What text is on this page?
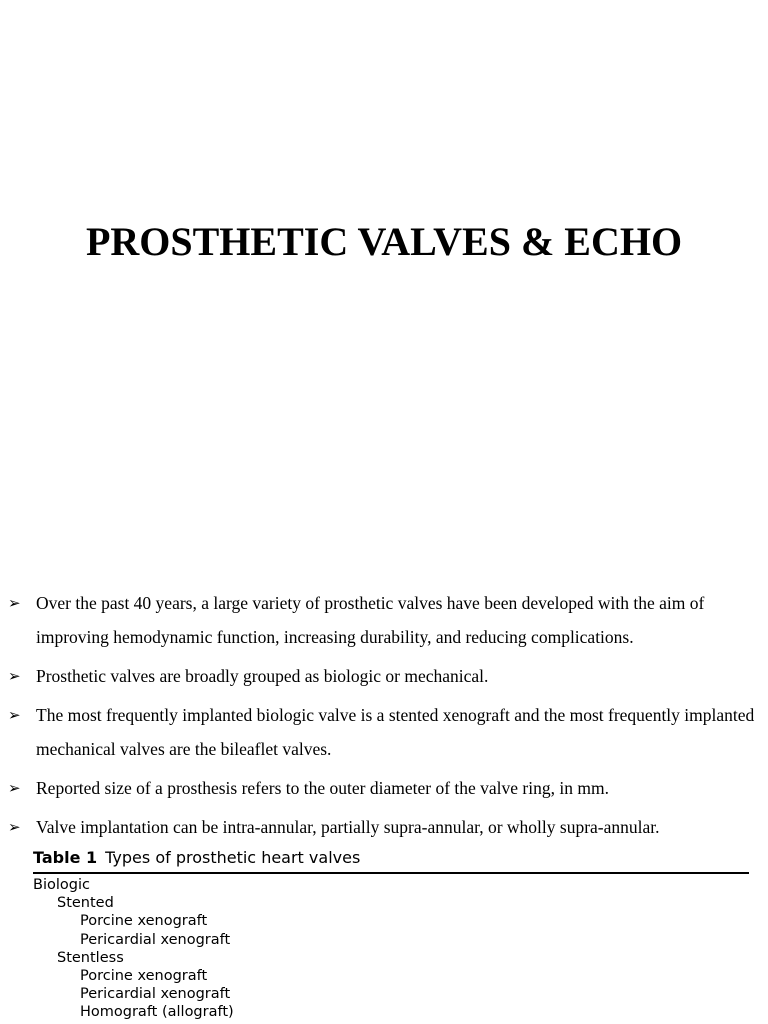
PROSTHETIC VALVES & ECHO
➢ Over the past 40 years, a large variety of prosthetic valves have been developed with the aim of improving hemodynamic function, increasing durability, and reducing complications.
➢ Prosthetic valves are broadly grouped as biologic or mechanical.
➢ The most frequently implanted biologic valve is a stented xenograft and the most frequently implanted mechanical valves are the bileaflet valves.
➢ Reported size of a prosthesis refers to the outer diameter of the valve ring, in mm.
➢ Valve implantation can be intra-annular, partially supra-annular, or wholly supra-annular.
Table 1 Types of prosthetic heart valves
Biologic
Stented
Porcine xenograft
Pericardial xenograft
Stentless
Porcine xenograft
Pericardial xenograft
Homograft (allograft)
